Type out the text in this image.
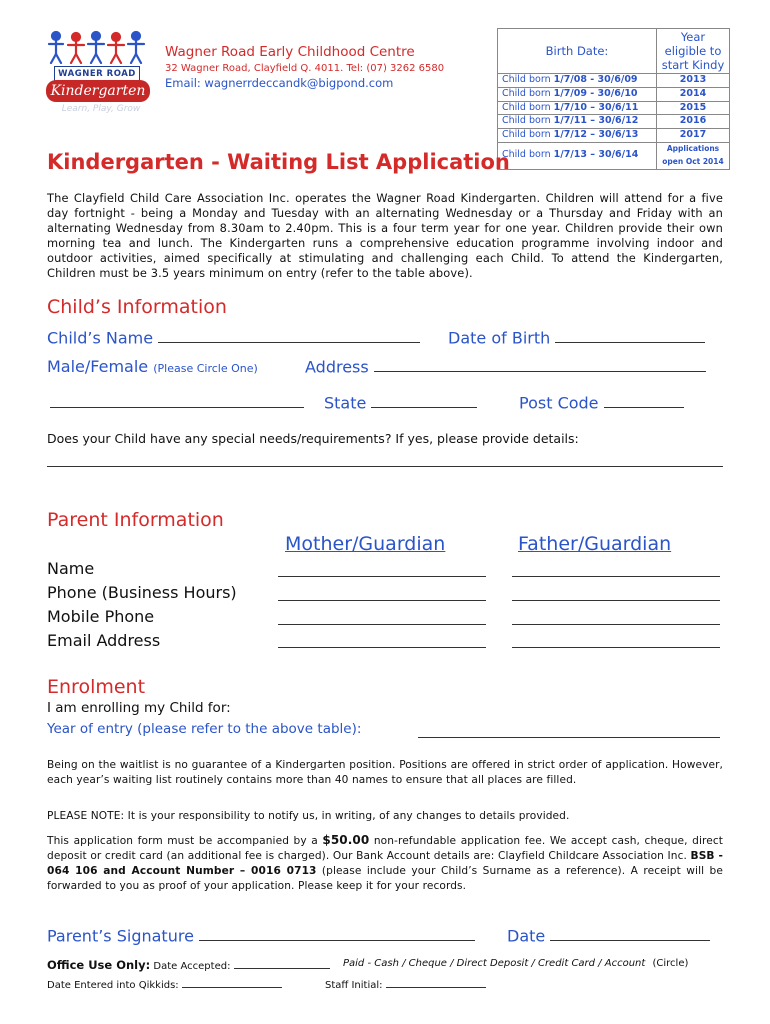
WAGNER ROAD
Kindergarten
Learn, Play, Grow
Wagner Road Early Childhood Centre
32 Wagner Road, Clayfield Q. 4011. Tel: (07) 3262 6580
Email: wagnerrdeccandk@bigpond.com
Birth Date:	Year eligible to start Kindy
Child born 1/7/08 - 30/6/09	2013
Child born 1/7/09 - 30/6/10	2014
Child born 1/7/10 – 30/6/11	2015
Child born 1/7/11 – 30/6/12	2016
Child born 1/7/12 – 30/6/13	2017
Child born 1/7/13 – 30/6/14	Applications open Oct 2014
Kindergarten - Waiting List Application
The Clayfield Child Care Association Inc. operates the Wagner Road Kindergarten. Children will attend for a five day fortnight - being a Monday and Tuesday with an alternating Wednesday or a Thursday and Friday with an alternating Wednesday from 8.30am to 2.40pm. This is a four term year for one year. Children provide their own morning tea and lunch. The Kindergarten runs a comprehensive education programme involving indoor and outdoor activities, aimed specifically at stimulating and challenging each Child. To attend the Kindergarten, Children must be 3.5 years minimum on entry (refer to the table above).
Child’s Information
Child’s Name	Date of Birth
Male/Female (Please Circle One)	Address
State	Post Code
Does your Child have any special needs/requirements? If yes, please provide details:
Parent Information
Mother/Guardian	Father/Guardian
Name
Phone (Business Hours)
Mobile Phone
Email Address
Enrolment
I am enrolling my Child for:
Year of entry (please refer to the above table):
Being on the waitlist is no guarantee of a Kindergarten position. Positions are offered in strict order of application. However, each year’s waiting list routinely contains more than 40 names to ensure that all places are filled.
PLEASE NOTE: It is your responsibility to notify us, in writing, of any changes to details provided.
This application form must be accompanied by a $50.00 non-refundable application fee. We accept cash, cheque, direct deposit or credit card (an additional fee is charged). Our Bank Account details are: Clayfield Childcare Association Inc. BSB - 064 106 and Account Number – 0016 0713 (please include your Child’s Surname as a reference). A receipt will be forwarded to you as proof of your application. Please keep it for your records.
Parent’s Signature	Date
Office Use Only: Date Accepted:	Paid - Cash / Cheque / Direct Deposit / Credit Card / Account (Circle)
Date Entered into Qikkids:	Staff Initial:
